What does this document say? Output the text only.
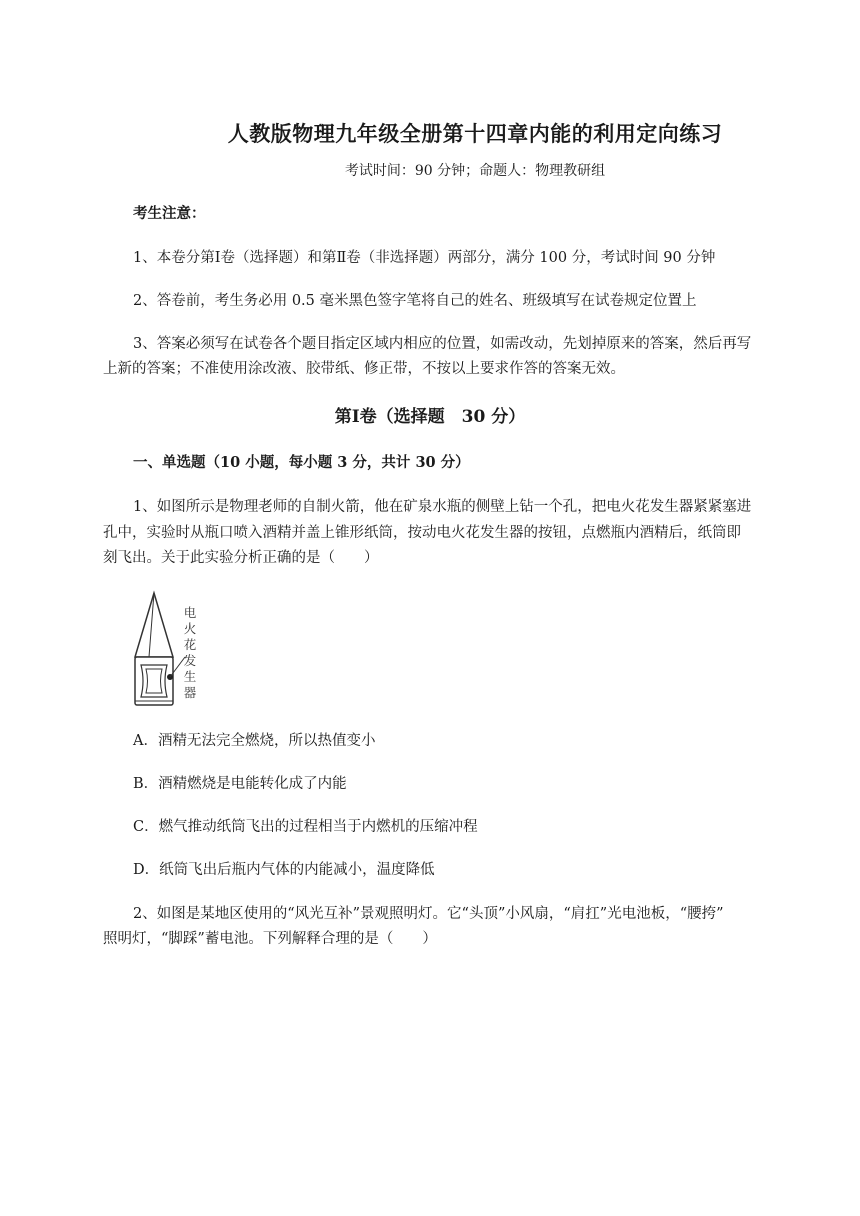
人教版物理九年级全册第十四章内能的利用定向练习
考试时间：90 分钟；命题人：物理教研组
考生注意：
1、本卷分第Ⅰ卷（选择题）和第Ⅱ卷（非选择题）两部分，满分 100 分，考试时间 90 分钟
2、答卷前，考生务必用 0.5 毫米黑色签字笔将自己的姓名、班级填写在试卷规定位置上
3、答案必须写在试卷各个题目指定区域内相应的位置，如需改动，先划掉原来的答案，然后再写
上新的答案；不准使用涂改液、胶带纸、修正带，不按以上要求作答的答案无效。
第Ⅰ卷（选择题　30 分）
一、单选题（10 小题，每小题 3 分，共计 30 分）
1、如图所示是物理老师的自制火箭，他在矿泉水瓶的侧壁上钻一个孔，把电火花发生器紧紧塞进
孔中，实验时从瓶口喷入酒精并盖上锥形纸筒，按动电火花发生器的按钮，点燃瓶内酒精后，纸筒即
刻飞出。关于此实验分析正确的是（　　）
电
火
花
发
生
器
A．酒精无法完全燃烧，所以热值变小
B．酒精燃烧是电能转化成了内能
C．燃气推动纸筒飞出的过程相当于内燃机的压缩冲程
D．纸筒飞出后瓶内气体的内能减小，温度降低
2、如图是某地区使用的“风光互补”景观照明灯。它“头顶”小风扇，“肩扛”光电池板，“腰挎”
照明灯，“脚踩”蓄电池。下列解释合理的是（　　）
